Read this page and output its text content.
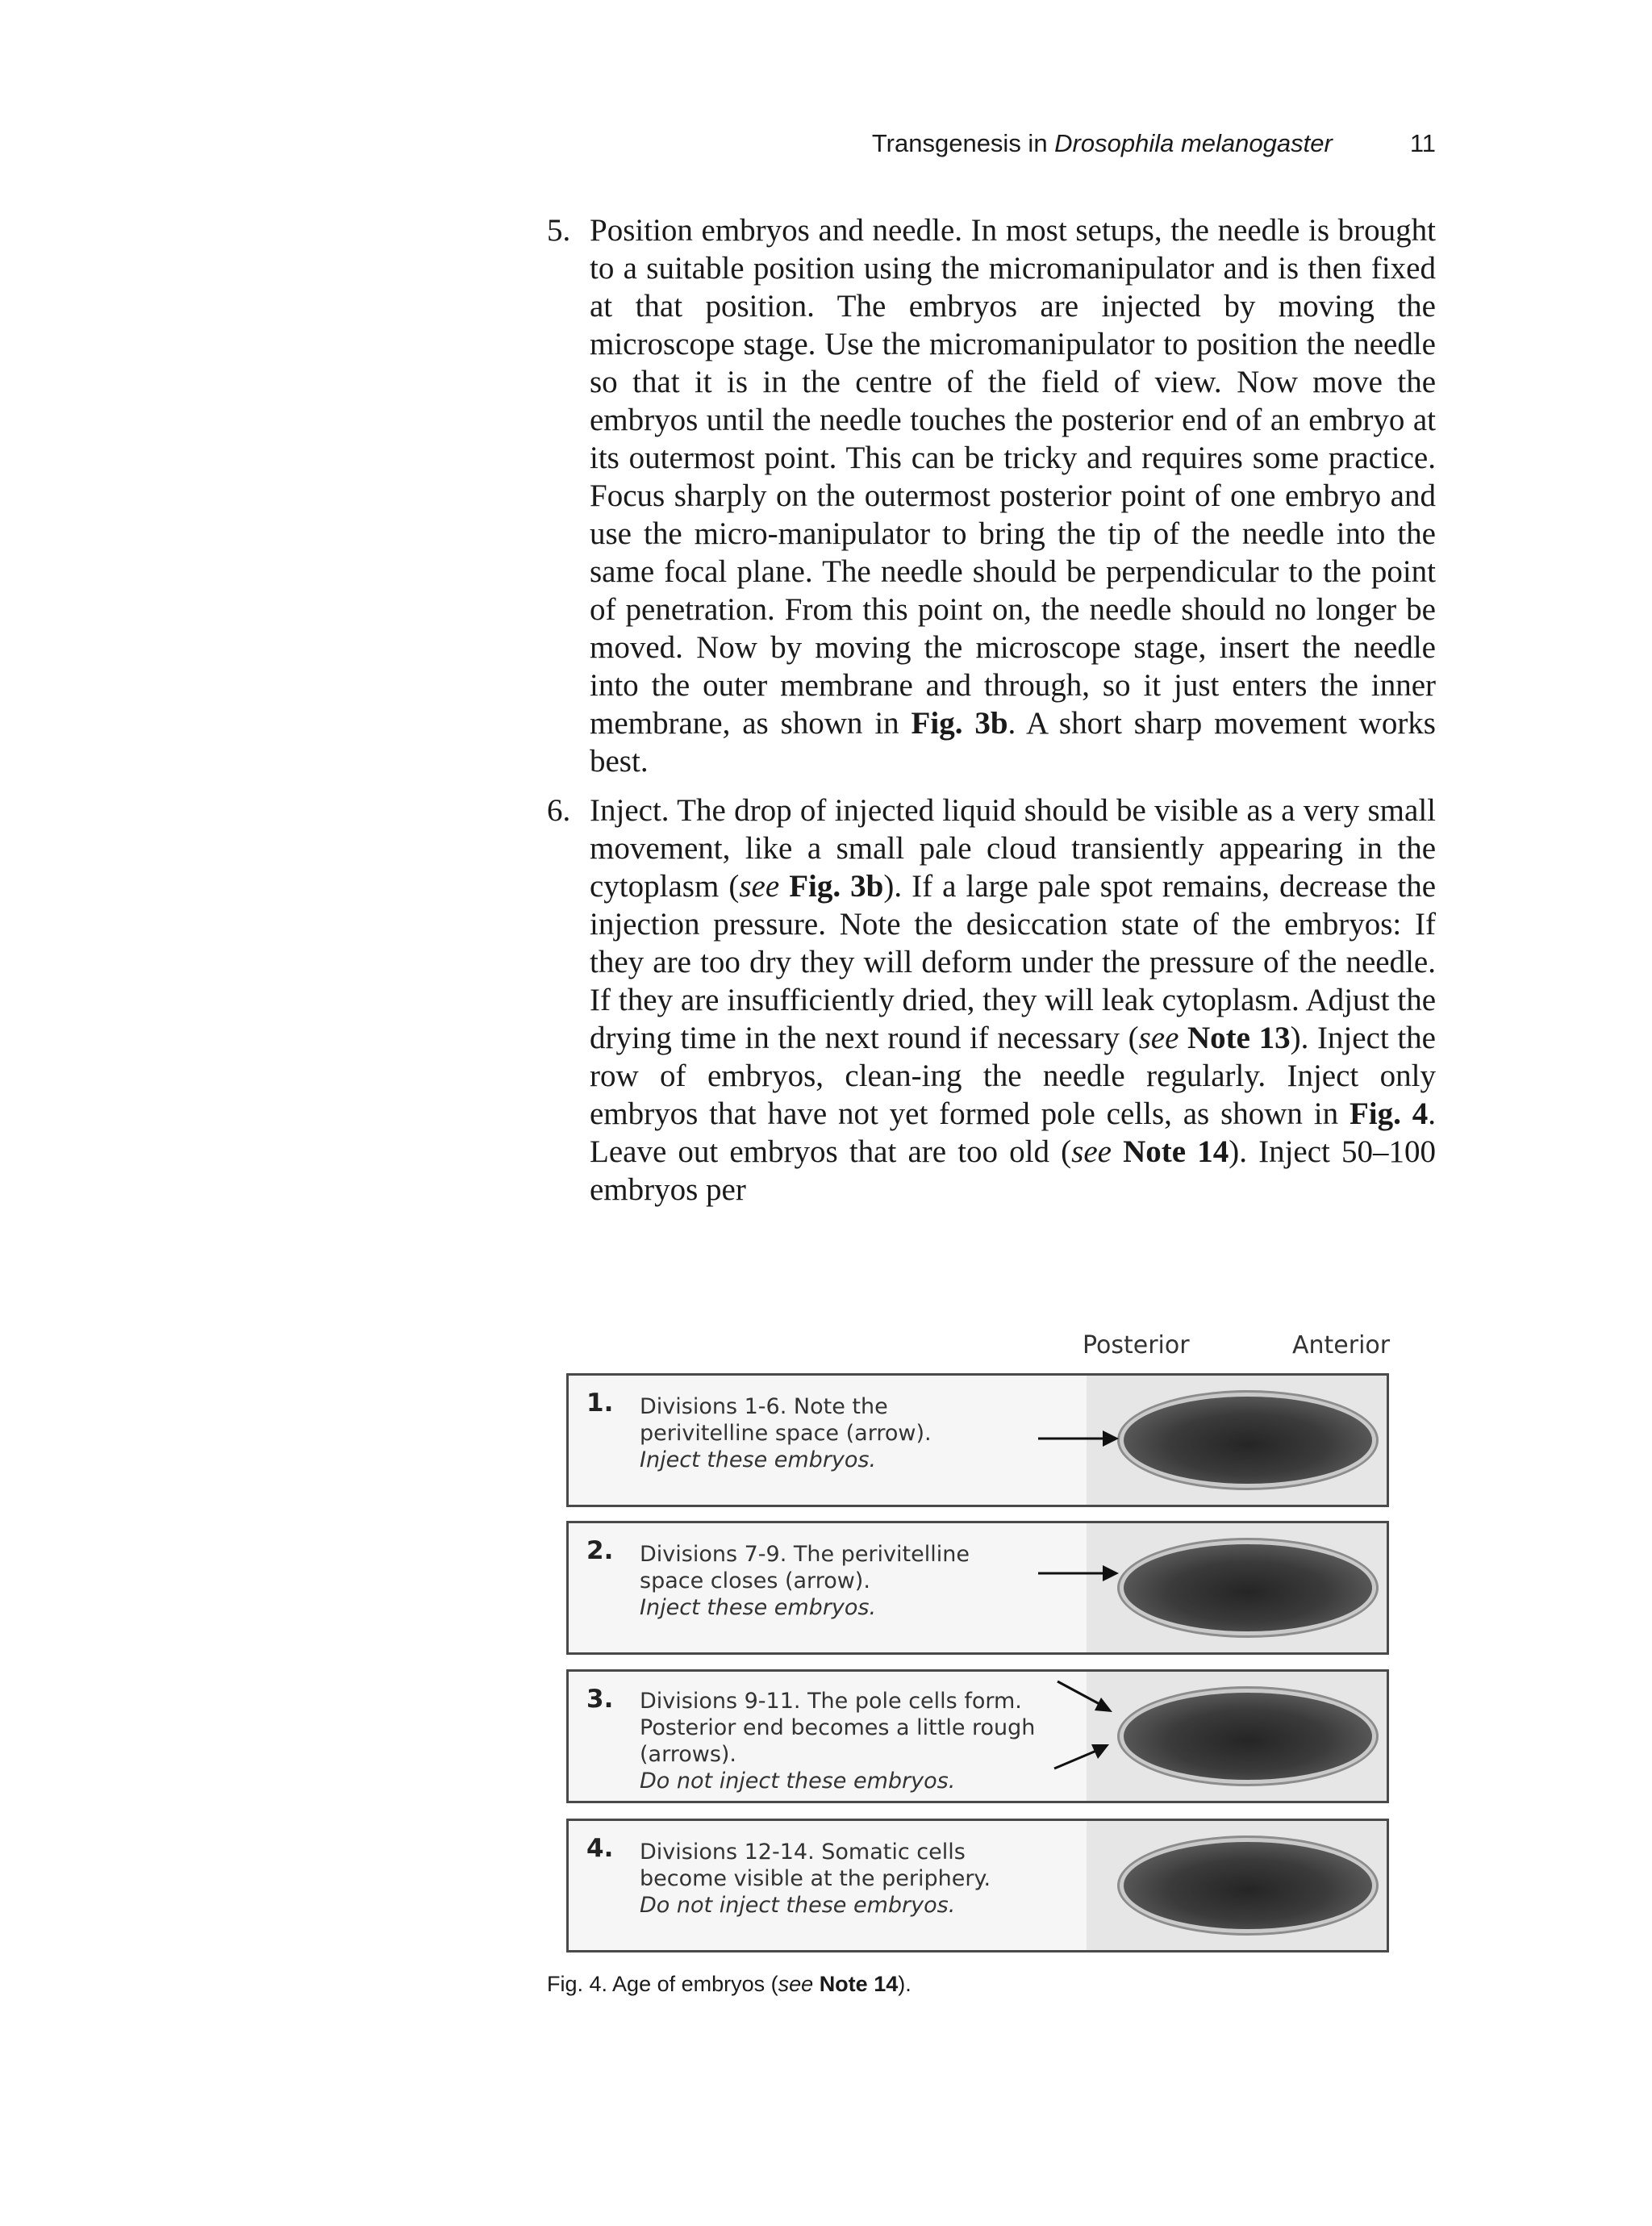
Transgenesis in Drosophila melanogaster	11
5. Position embryos and needle. In most setups, the needle is brought to a suitable position using the micromanipulator and is then fixed at that position. The embryos are injected by moving the microscope stage. Use the micromanipulator to position the needle so that it is in the centre of the field of view. Now move the embryos until the needle touches the posterior end of an embryo at its outermost point. This can be tricky and requires some practice. Focus sharply on the outermost posterior point of one embryo and use the micro-manipulator to bring the tip of the needle into the same focal plane. The needle should be perpendicular to the point of penetration. From this point on, the needle should no longer be moved. Now by moving the microscope stage, insert the needle into the outer membrane and through, so it just enters the inner membrane, as shown in Fig. 3b. A short sharp movement works best.
6. Inject. The drop of injected liquid should be visible as a very small movement, like a small pale cloud transiently appearing in the cytoplasm (see Fig. 3b). If a large pale spot remains, decrease the injection pressure. Note the desiccation state of the embryos: If they are too dry they will deform under the pressure of the needle. If they are insufficiently dried, they will leak cytoplasm. Adjust the drying time in the next round if necessary (see Note 13). Inject the row of embryos, clean-ing the needle regularly. Inject only embryos that have not yet formed pole cells, as shown in Fig. 4. Leave out embryos that are too old (see Note 14). Inject 50–100 embryos per
Posterior	Anterior
1. Divisions 1-6. Note the
perivitelline space (arrow).
Inject these embryos.
2. Divisions 7-9. The perivitelline
space closes (arrow).
Inject these embryos.
3. Divisions 9-11. The pole cells form.
Posterior end becomes a little rough
(arrows).
Do not inject these embryos.
4. Divisions 12-14. Somatic cells
become visible at the periphery.
Do not inject these embryos.
Fig. 4. Age of embryos (see Note 14).
